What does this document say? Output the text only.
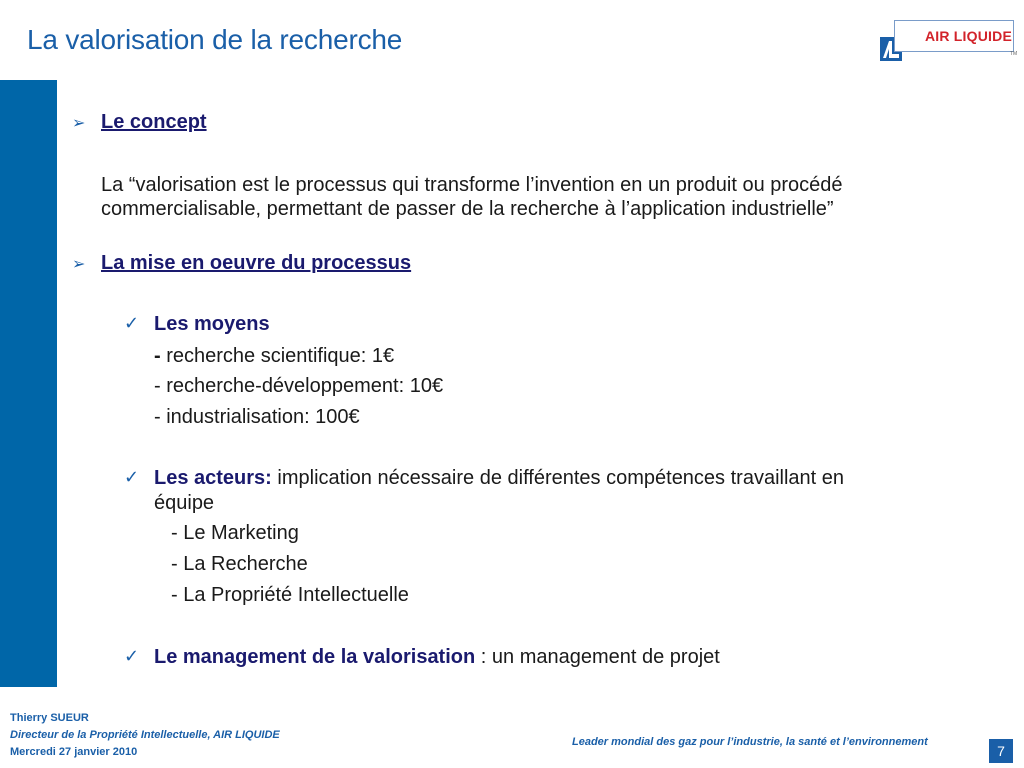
La valorisation de la recherche	AIR LIQUIDE
TM
➢ Le concept
La “valorisation est le processus qui transforme l’invention en un produit ou procédé
commercialisable, permettant de passer de la recherche à l’application industrielle”
➢ La mise en oeuvre du processus
✓ Les moyens
- recherche scientifique: 1€
- recherche-développement: 10€
- industrialisation: 100€
✓ Les acteurs: implication nécessaire de différentes compétences travaillant en
équipe
- Le Marketing
- La Recherche
- La Propriété Intellectuelle
✓ Le management de la valorisation : un management de projet
Thierry SUEUR
Directeur de la Propriété Intellectuelle, AIR LIQUIDE
Mercredi 27 janvier 2010
Leader mondial des gaz pour l’industrie, la santé et l’environnement
7
